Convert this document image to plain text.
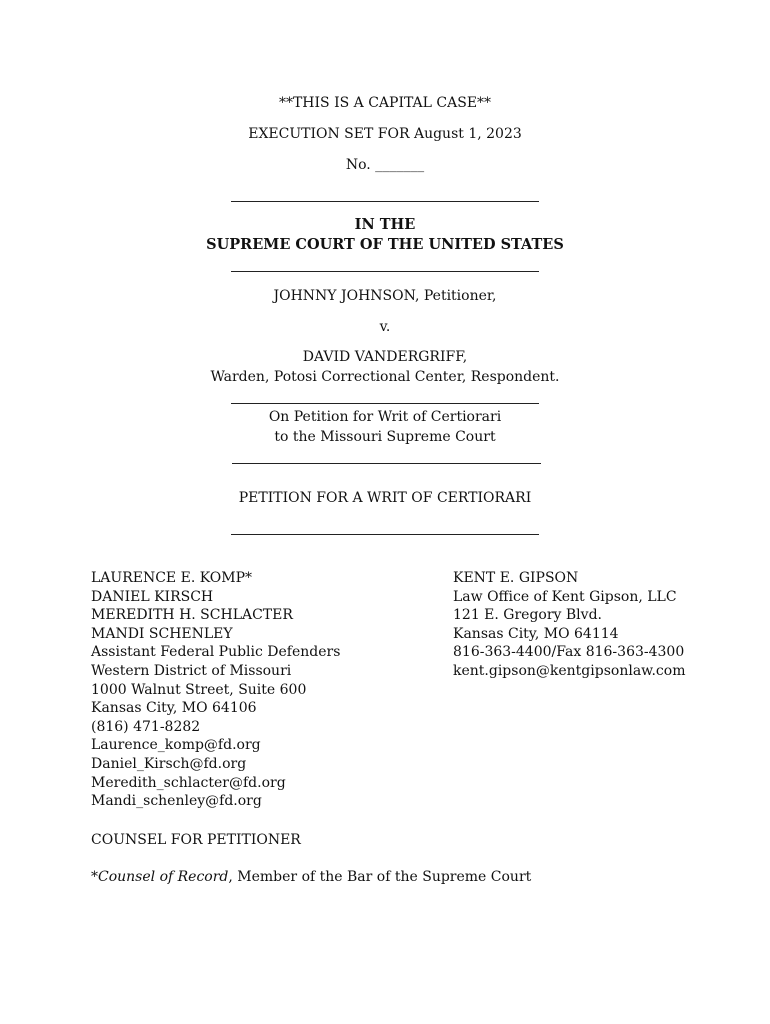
**THIS IS A CAPITAL CASE**
EXECUTION SET FOR August 1, 2023
No. _______
IN THE
SUPREME COURT OF THE UNITED STATES
JOHNNY JOHNSON, Petitioner,
v.
DAVID VANDERGRIFF,
Warden, Potosi Correctional Center, Respondent.
On Petition for Writ of Certiorari
to the Missouri Supreme Court
PETITION FOR A WRIT OF CERTIORARI
LAURENCE E. KOMP*
DANIEL KIRSCH
MEREDITH H. SCHLACTER
MANDI SCHENLEY
Assistant Federal Public Defenders
Western District of Missouri
1000 Walnut Street, Suite 600
Kansas City, MO 64106
(816) 471-8282
Laurence_komp@fd.org
Daniel_Kirsch@fd.org
Meredith_schlacter@fd.org
Mandi_schenley@fd.org
KENT E. GIPSON
Law Office of Kent Gipson, LLC
121 E. Gregory Blvd.
Kansas City, MO 64114
816-363-4400/Fax 816-363-4300
kent.gipson@kentgipsonlaw.com
COUNSEL FOR PETITIONER
*Counsel of Record, Member of the Bar of the Supreme Court
